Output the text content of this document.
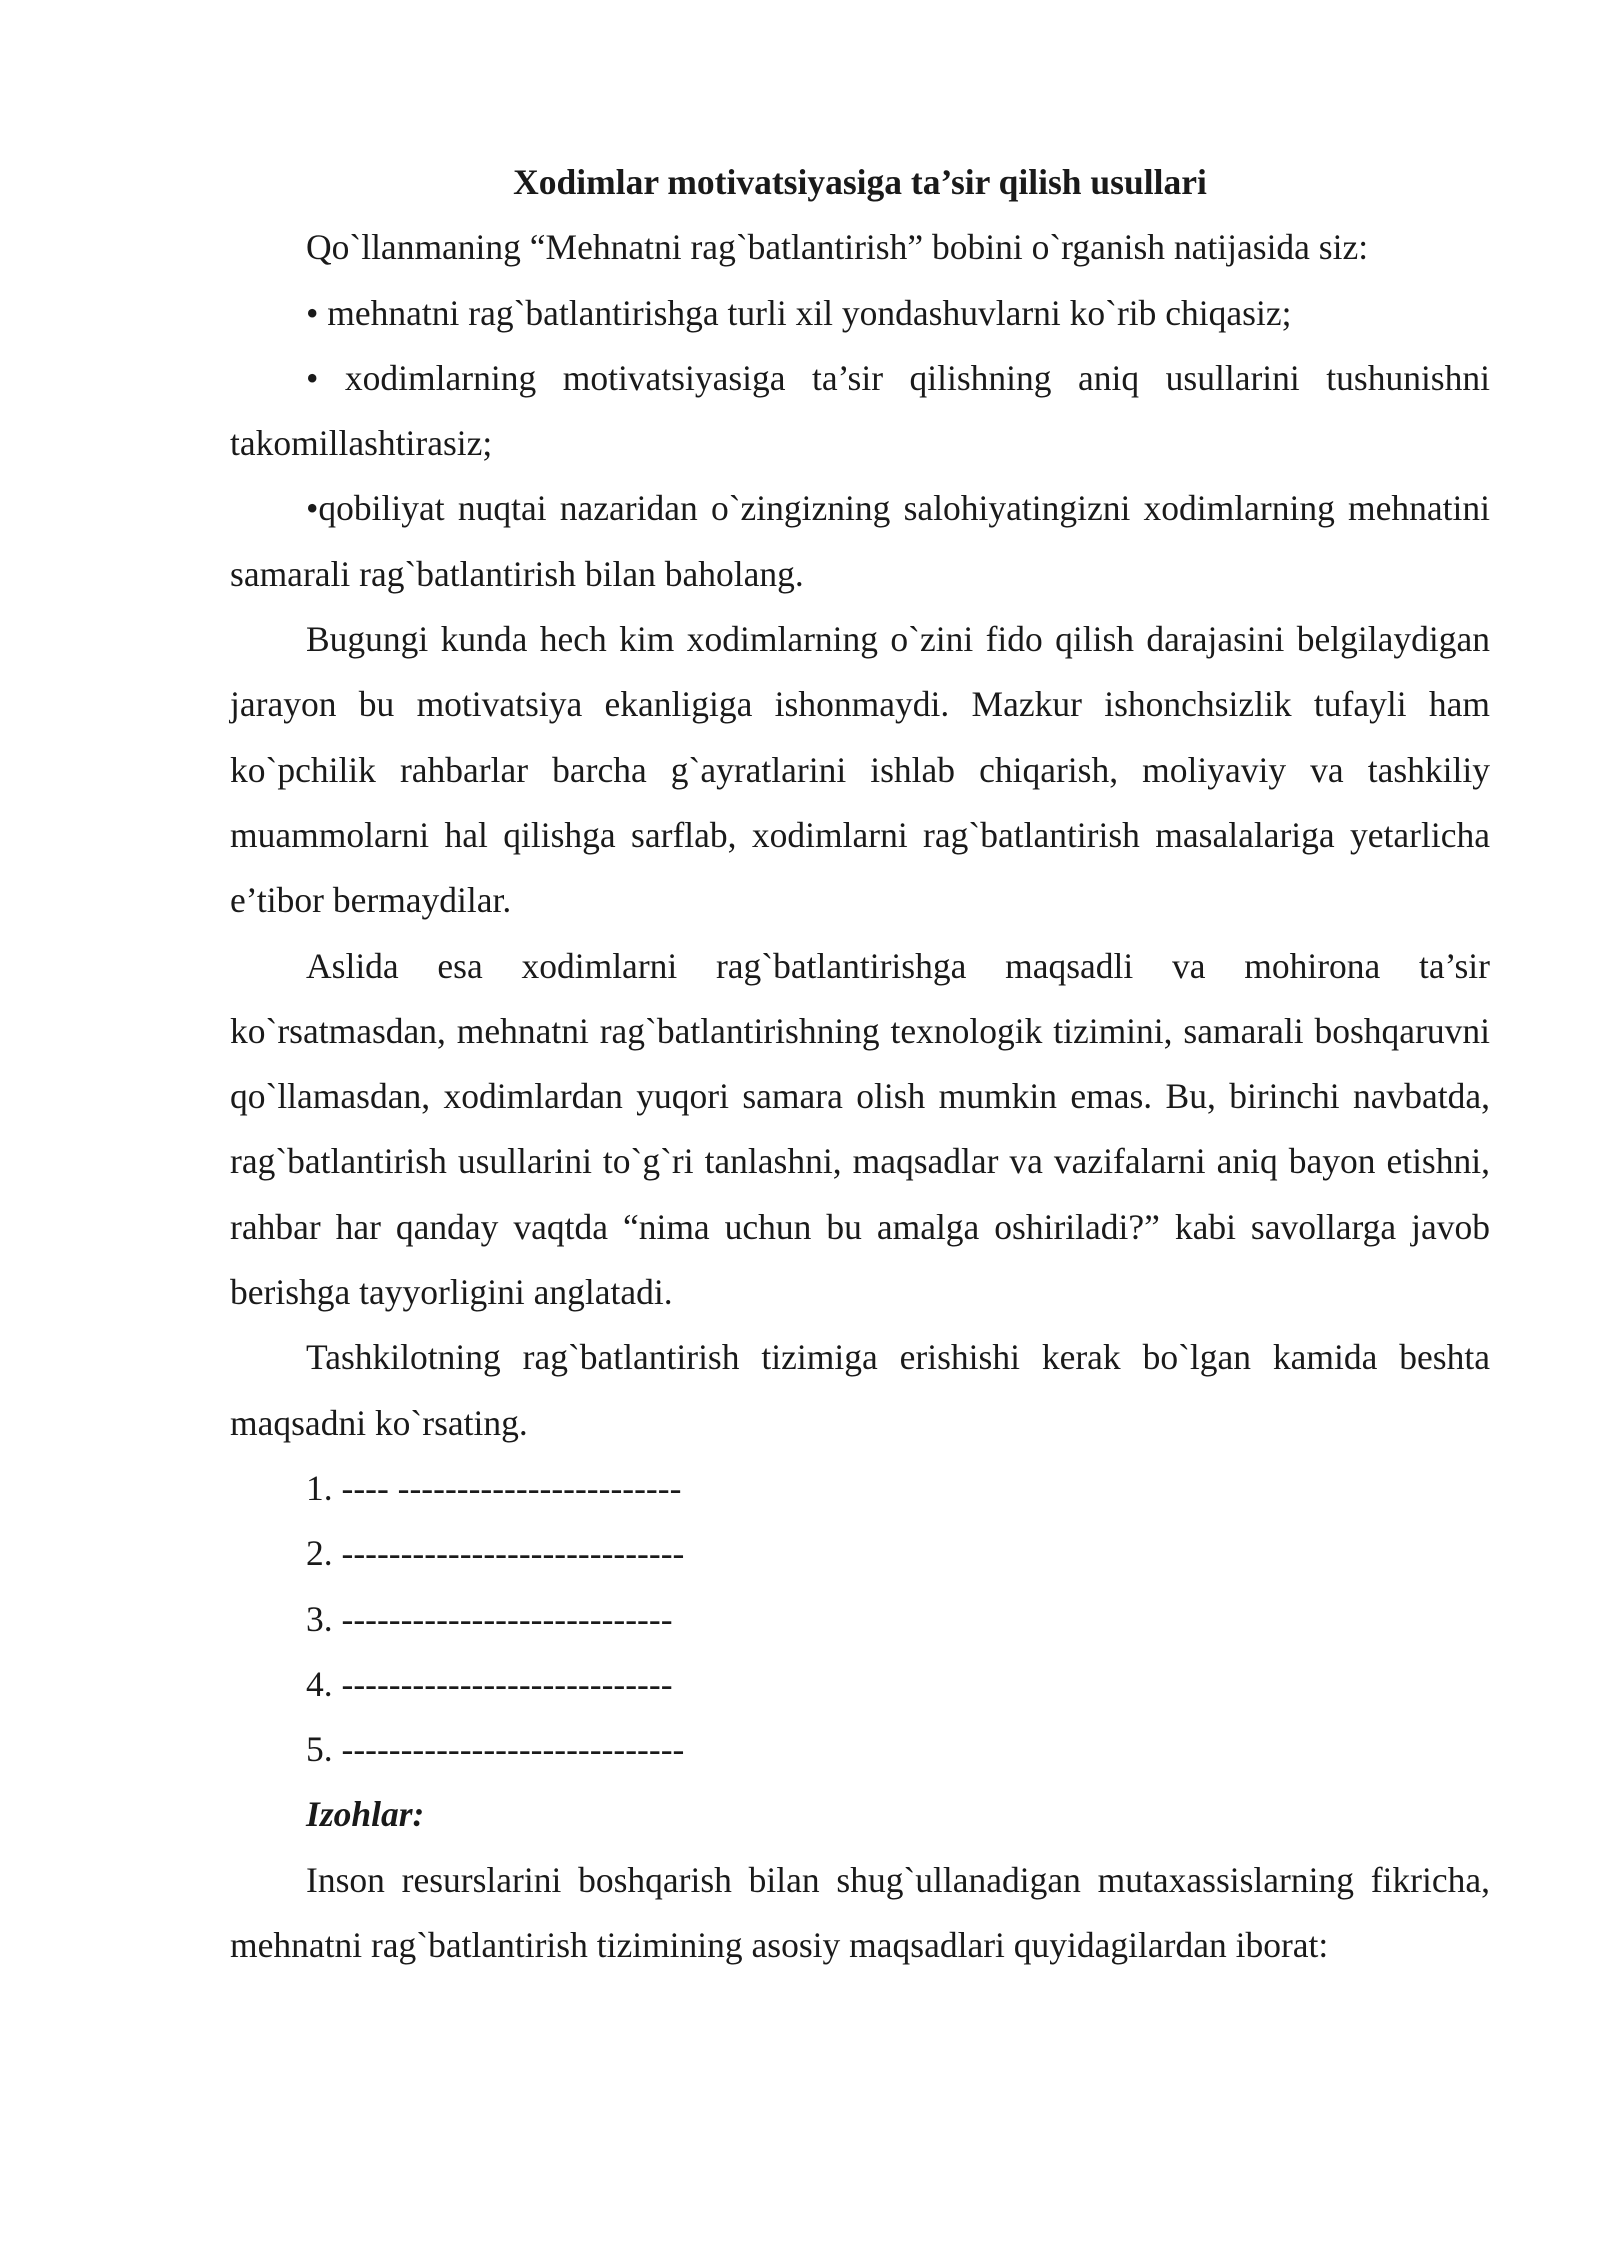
Xodimlar motivatsiyasiga ta’sir qilish usullari

Qo`llanmaning “Mehnatni rag`batlantirish” bobini o`rganish natijasida siz:

• mehnatni rag`batlantirishga turli xil yondashuvlarni ko`rib chiqasiz;

• xodimlarning motivatsiyasiga ta’sir qilishning aniq usullarini tushunishni takomillashtirasiz;

•qobiliyat nuqtai nazaridan o`zingizning salohiyatingizni xodimlarning mehnatini samarali rag`batlantirish bilan baholang.

Bugungi kunda hech kim xodimlarning o`zini fido qilish darajasini belgilaydigan jarayon bu motivatsiya ekanligiga ishonmaydi. Mazkur ishonchsizlik tufayli ham ko`pchilik rahbarlar barcha g`ayratlarini ishlab chiqarish, moliyaviy va tashkiliy muammolarni hal qilishga sarflab, xodimlarni rag`batlantirish masalalariga yetarlicha e’tibor bermaydilar.

Aslida esa xodimlarni rag`batlantirishga maqsadli va mohirona ta’sir ko`rsatmasdan, mehnatni rag`batlantirishning texnologik tizimini, samarali boshqaruvni qo`llamasdan, xodimlardan yuqori samara olish mumkin emas. Bu, birinchi navbatda, rag`batlantirish usullarini to`g`ri tanlashni, maqsadlar va vazifalarni aniq bayon etishni, rahbar har qanday vaqtda “nima uchun bu amalga oshiriladi?” kabi savollarga javob berishga tayyorligini anglatadi.

Tashkilotning rag`batlantirish tizimiga erishishi kerak bo`lgan kamida beshta maqsadni ko`rsating.

1. ---- ------------------------

2. -----------------------------

3. ----------------------------

4. ----------------------------

5. -----------------------------

Izohlar:

Inson resurslarini boshqarish bilan shug`ullanadigan mutaxassislarning fikricha, mehnatni rag`batlantirish tizimining asosiy maqsadlari quyidagilardan iborat:
